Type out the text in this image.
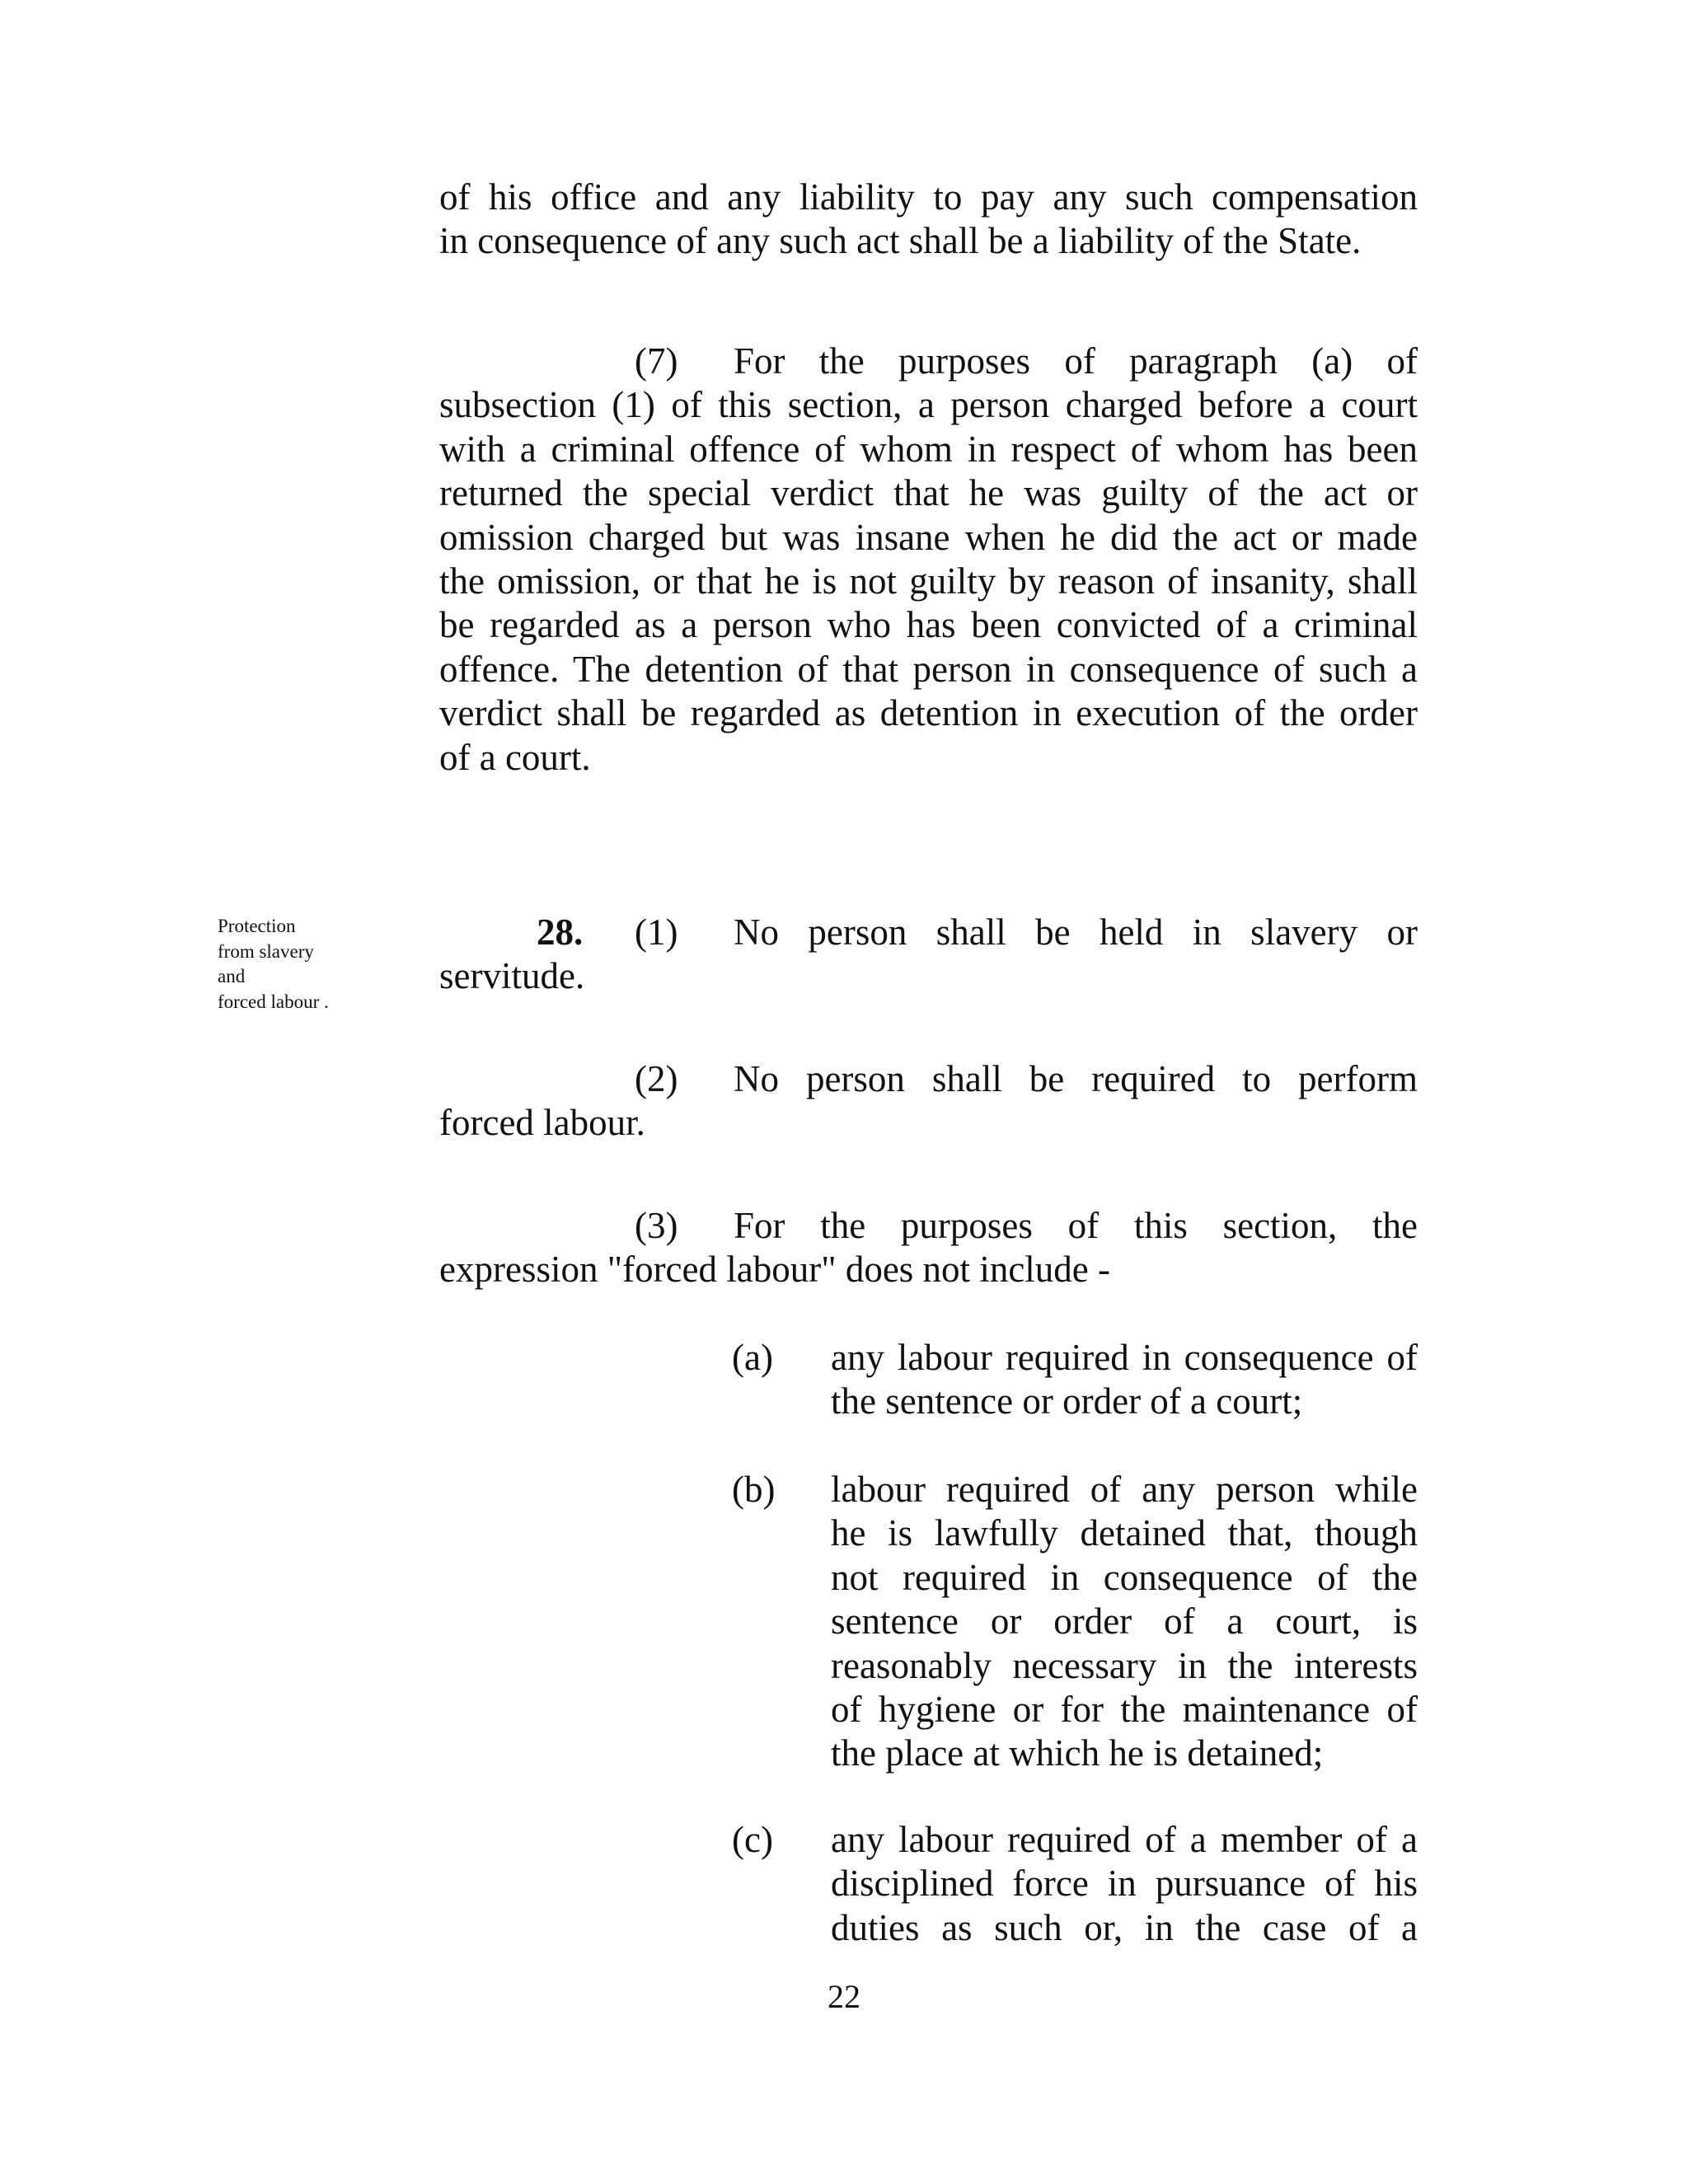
of his office and any liability to pay any such compensation
in consequence of any such act shall be a liability of the State.
(7) For the purposes of paragraph (a) of
subsection (1) of this section, a person charged before a court
with a criminal offence of whom in respect of whom has been
returned the special verdict that he was guilty of the act or
omission charged but was insane when he did the act or made
the omission, or that he is not guilty by reason of insanity, shall
be regarded as a person who has been convicted of a criminal
offence. The detention of that person in consequence of such a
verdict shall be regarded as detention in execution of the order
of a court.
Protection
from slavery
and
forced labour .
28. (1) No person shall be held in slavery or
servitude.
(2) No person shall be required to perform
forced labour.
(3) For the purposes of this section, the
expression "forced labour" does not include -
(a) any labour required in consequence of
the sentence or order of a court;
(b) labour required of any person while
he is lawfully detained that, though
not required in consequence of the
sentence or order of a court, is
reasonably necessary in the interests
of hygiene or for the maintenance of
the place at which he is detained;
(c) any labour required of a member of a
disciplined force in pursuance of his
duties as such or, in the case of a
22
